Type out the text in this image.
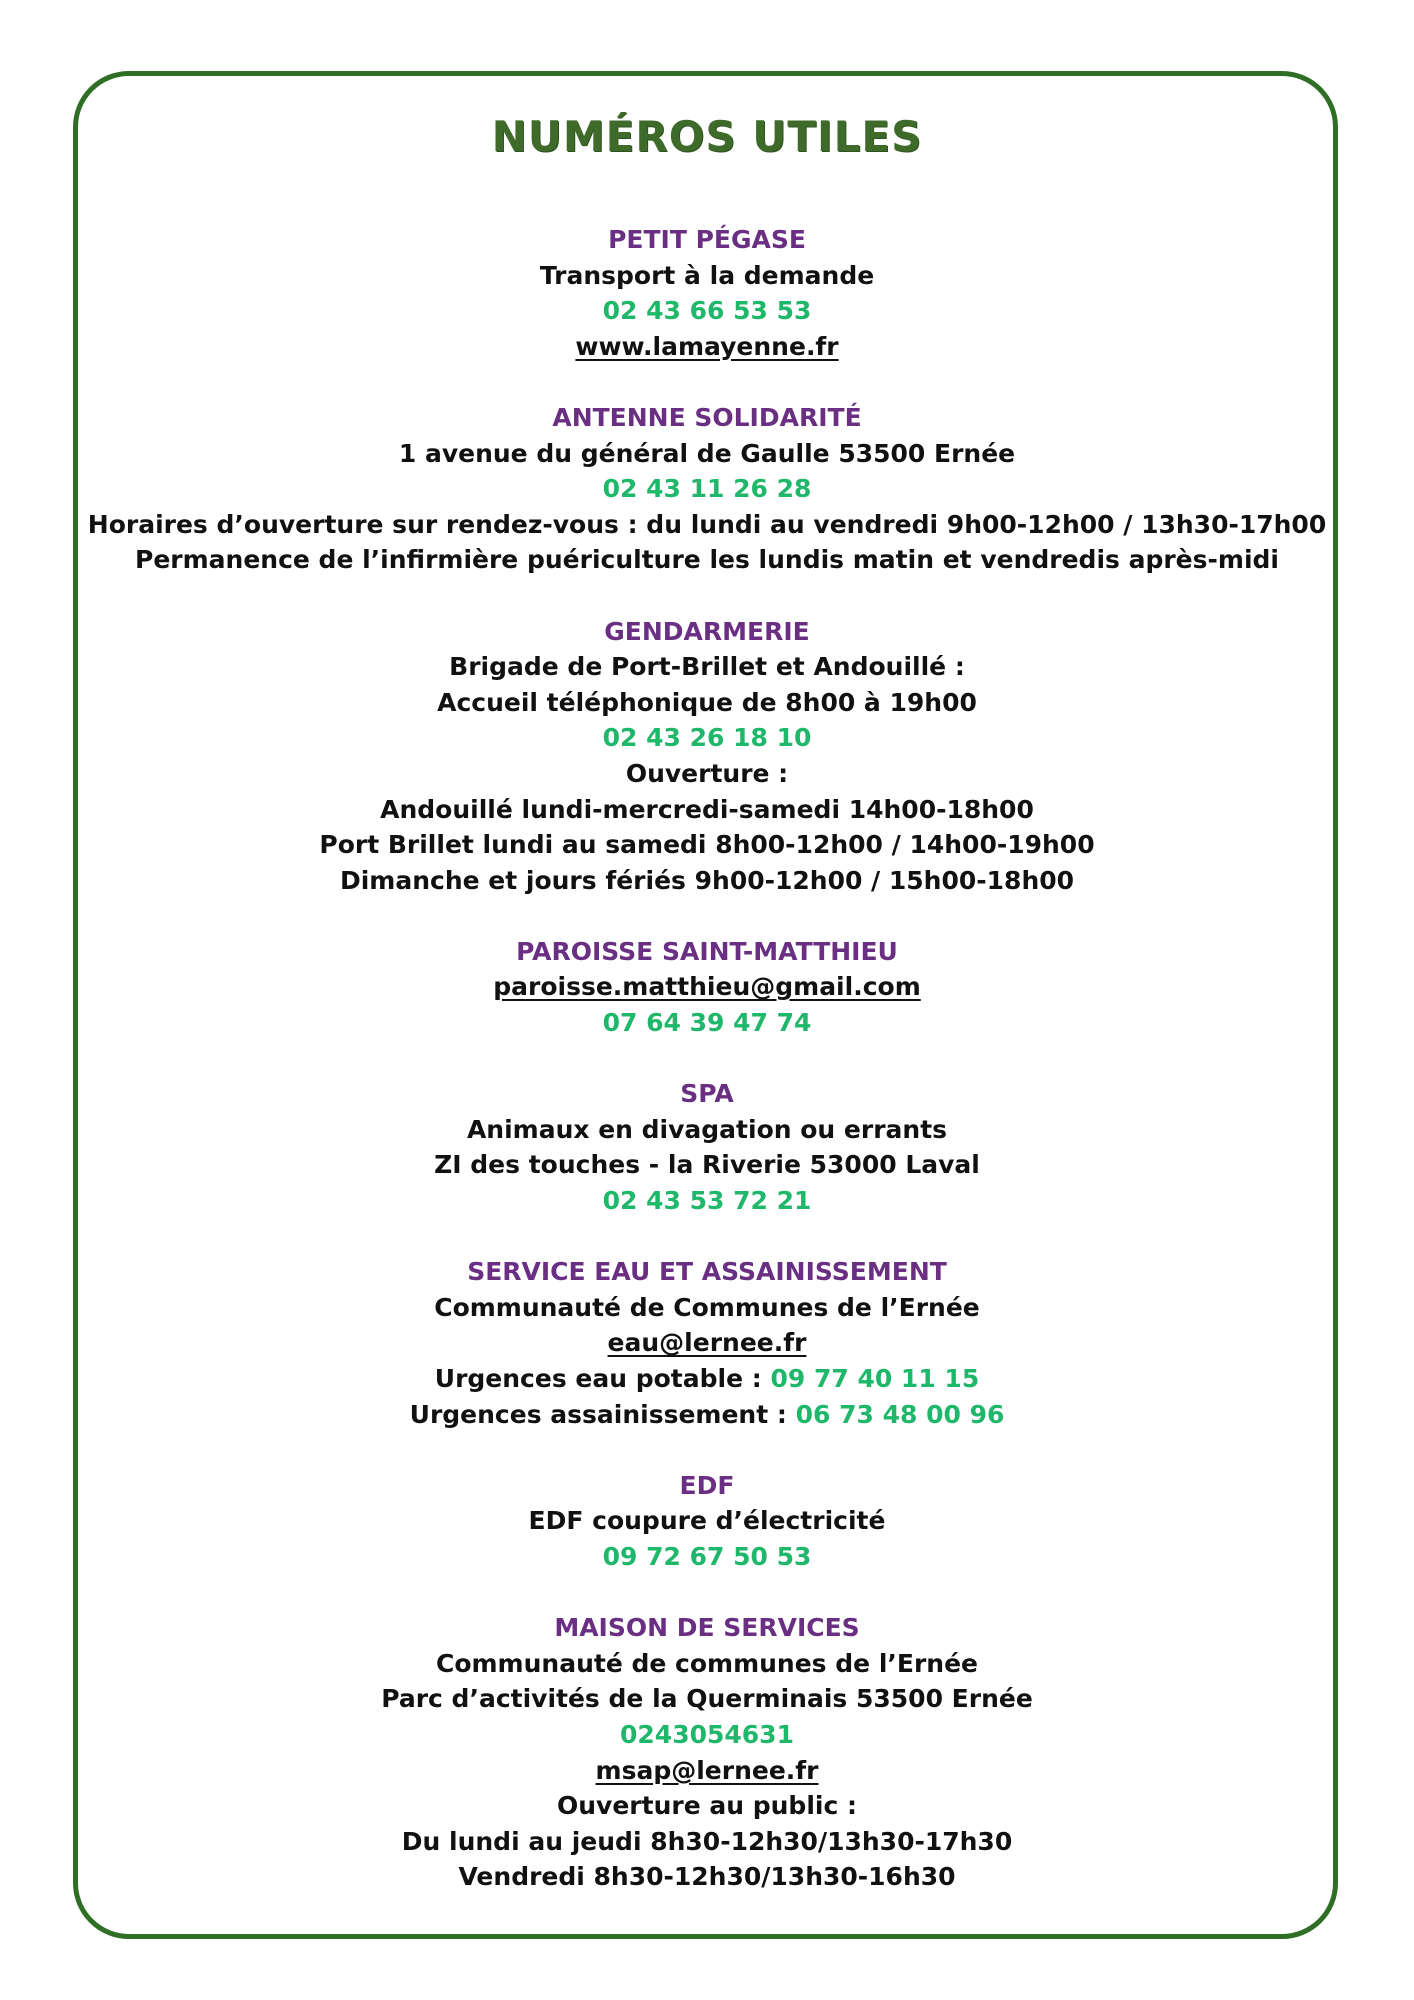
NUMÉROS UTILES
PETIT PÉGASE
Transport à la demande
02 43 66 53 53
www.lamayenne.fr
ANTENNE SOLIDARITÉ
1 avenue du général de Gaulle 53500 Ernée
02 43 11 26 28
Horaires d’ouverture sur rendez-vous : du lundi au vendredi 9h00-12h00 / 13h30-17h00
Permanence de l’infirmière puériculture les lundis matin et vendredis après-midi
GENDARMERIE
Brigade de Port-Brillet et Andouillé :
Accueil téléphonique de 8h00 à 19h00
02 43 26 18 10
Ouverture :
Andouillé lundi-mercredi-samedi 14h00-18h00
Port Brillet lundi au samedi 8h00-12h00 / 14h00-19h00
Dimanche et jours fériés 9h00-12h00 / 15h00-18h00
PAROISSE SAINT-MATTHIEU
paroisse.matthieu@gmail.com
07 64 39 47 74
SPA
Animaux en divagation ou errants
ZI des touches - la Riverie 53000 Laval
02 43 53 72 21
SERVICE EAU ET ASSAINISSEMENT
Communauté de Communes de l’Ernée
eau@lernee.fr
Urgences eau potable : 09 77 40 11 15
Urgences assainissement : 06 73 48 00 96
EDF
EDF coupure d’électricité
09 72 67 50 53
MAISON DE SERVICES
Communauté de communes de l’Ernée
Parc d’activités de la Querminais 53500 Ernée
0243054631
msap@lernee.fr
Ouverture au public :
Du lundi au jeudi 8h30-12h30/13h30-17h30
Vendredi 8h30-12h30/13h30-16h30
